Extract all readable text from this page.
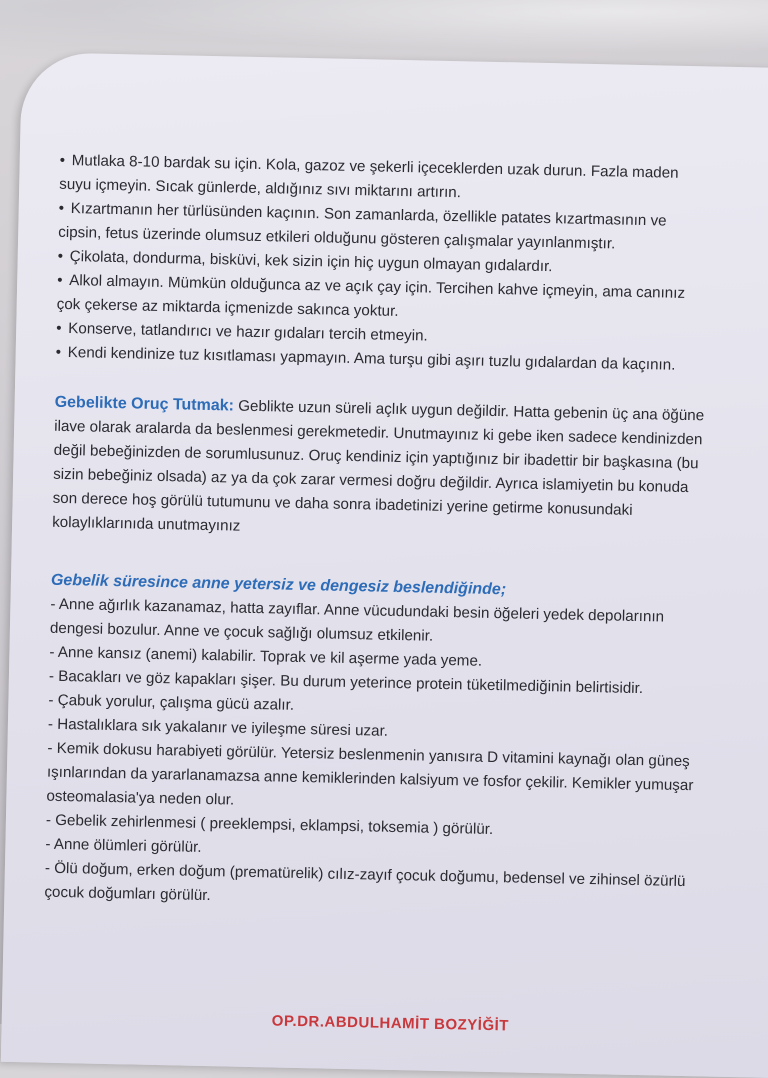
• Mutlaka 8-10 bardak su için. Kola, gazoz ve şekerli içeceklerden uzak durun. Fazla maden suyu içmeyin. Sıcak günlerde, aldığınız sıvı miktarını artırın.

• Kızartmanın her türlüsünden kaçının. Son zamanlarda, özellikle patates kızartmasının ve cipsin, fetus üzerinde olumsuz etkileri olduğunu gösteren çalışmalar yayınlanmıştır.

• Çikolata, dondurma, bisküvi, kek sizin için hiç uygun olmayan gıdalardır.

• Alkol almayın. Mümkün olduğunca az ve açık çay için. Tercihen kahve içmeyin, ama canınız çok çekerse az miktarda içmenizde sakınca yoktur.

• Konserve, tatlandırıcı ve hazır gıdaları tercih etmeyin.

• Kendi kendinize tuz kısıtlaması yapmayın. Ama turşu gibi aşırı tuzlu gıdalardan da kaçının.

Gebelikte Oruç Tutmak: Geblikte uzun süreli açlık uygun değildir. Hatta gebenin üç ana öğüne ilave olarak aralarda da beslenmesi gerekmetedir. Unutmayınız ki gebe iken sadece kendinizden değil bebeğinizden de sorumlusunuz. Oruç kendiniz için yaptığınız bir ibadettir bir başkasına (bu sizin bebeğiniz olsada) az ya da çok zarar vermesi doğru değildir. Ayrıca islamiyetin bu konuda son derece hoş görülü tutumunu ve daha sonra ibadetinizi yerine getirme konusundaki kolaylıklarınıda unutmayınız

Gebelik süresince anne yetersiz ve dengesiz beslendiğinde;

- Anne ağırlık kazanamaz, hatta zayıflar. Anne vücudundaki besin öğeleri yedek depolarının dengesi bozulur. Anne ve çocuk sağlığı olumsuz etkilenir.

- Anne kansız (anemi) kalabilir. Toprak ve kil aşerme yada yeme.

- Bacakları ve göz kapakları şişer. Bu durum yeterince protein tüketilmediğinin belirtisidir.

- Çabuk yorulur, çalışma gücü azalır.

- Hastalıklara sık yakalanır ve iyileşme süresi uzar.

- Kemik dokusu harabiyeti görülür. Yetersiz beslenmenin yanısıra D vitamini kaynağı olan güneş ışınlarından da yararlanamazsa anne kemiklerinden kalsiyum ve fosfor çekilir. Kemikler yumuşar osteomalasia'ya neden olur.

- Gebelik zehirlenmesi ( preeklempsi, eklampsi, toksemia ) görülür.

- Anne ölümleri görülür.

- Ölü doğum, erken doğum (prematürelik) cılız-zayıf çocuk doğumu, bedensel ve zihinsel özürlü çocuk doğumları görülür.

OP.DR.ABDULHAMİT BOZYİĞİT
